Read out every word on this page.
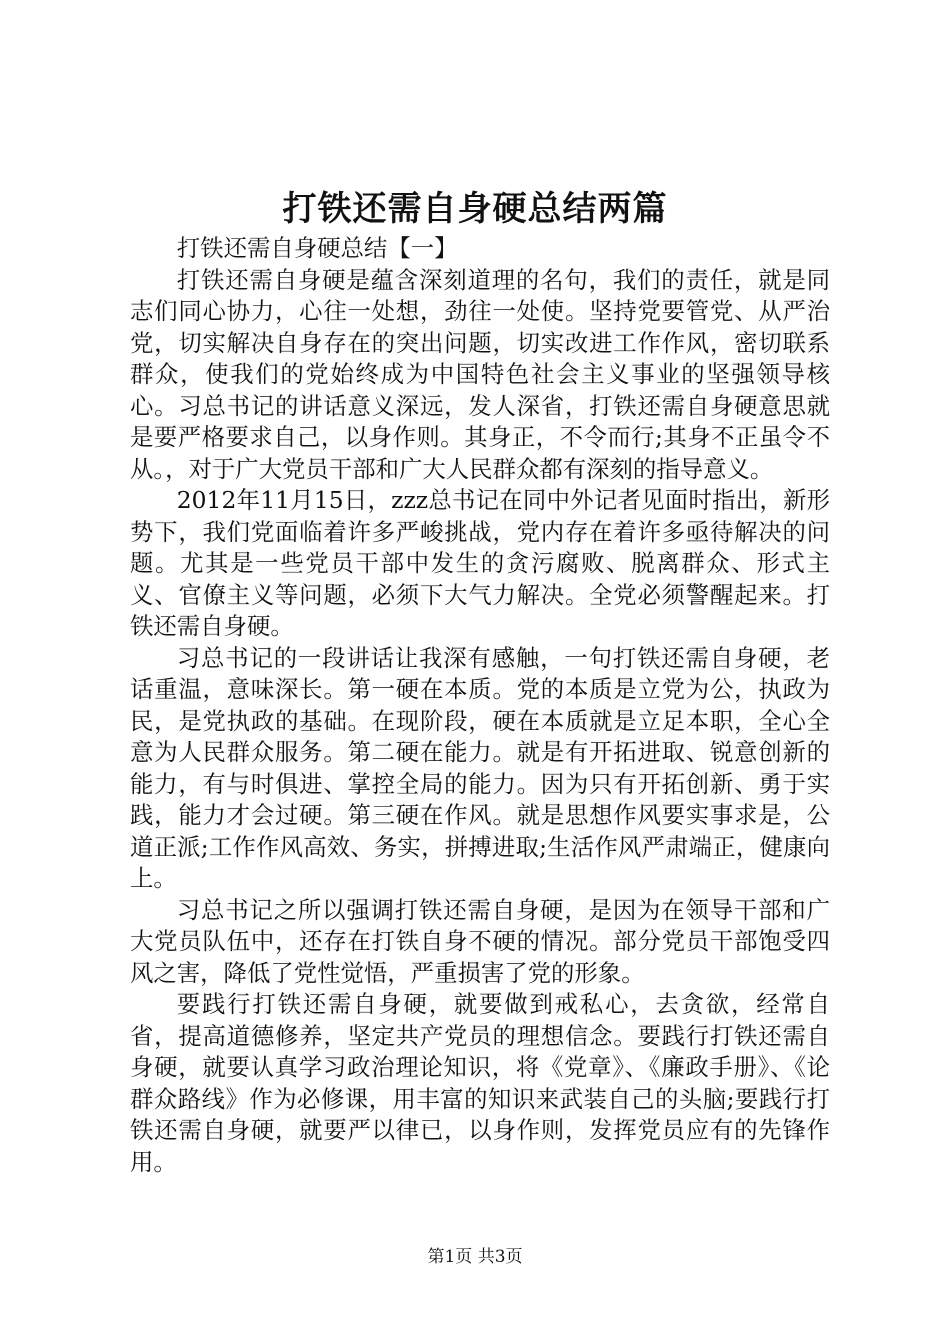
打铁还需自身硬总结两篇

打铁还需自身硬总结【一】

打铁还需自身硬是蕴含深刻道理的名句，我们的责任，就是同志们同心协力，心往一处想，劲往一处使。坚持党要管党、从严治党，切实解决自身存在的突出问题，切实改进工作作风，密切联系群众，使我们的党始终成为中国特色社会主义事业的坚强领导核心。习总书记的讲话意义深远，发人深省，打铁还需自身硬意思就是要严格要求自己，以身作则。其身正，不令而行;其身不正虽令不从。，对于广大党员干部和广大人民群众都有深刻的指导意义。

2012年11月15日，zzz总书记在同中外记者见面时指出，新形势下，我们党面临着许多严峻挑战，党内存在着许多亟待解决的问题。尤其是一些党员干部中发生的贪污腐败、脱离群众、形式主义、官僚主义等问题，必须下大气力解决。全党必须警醒起来。打铁还需自身硬。

习总书记的一段讲话让我深有感触，一句打铁还需自身硬，老话重温，意味深长。第一硬在本质。党的本质是立党为公，执政为民，是党执政的基础。在现阶段，硬在本质就是立足本职，全心全意为人民群众服务。第二硬在能力。就是有开拓进取、锐意创新的能力，有与时俱进、掌控全局的能力。因为只有开拓创新、勇于实践，能力才会过硬。第三硬在作风。就是思想作风要实事求是，公道正派;工作作风高效、务实，拼搏进取;生活作风严肃端正，健康向上。

习总书记之所以强调打铁还需自身硬，是因为在领导干部和广大党员队伍中，还存在打铁自身不硬的情况。部分党员干部饱受四风之害，降低了党性觉悟，严重损害了党的形象。

要践行打铁还需自身硬，就要做到戒私心，去贪欲，经常自省，提高道德修养，坚定共产党员的理想信念。要践行打铁还需自身硬，就要认真学习政治理论知识，将《党章》、《廉政手册》、《论群众路线》作为必修课，用丰富的知识来武装自己的头脑;要践行打铁还需自身硬，就要严以律已，以身作则，发挥党员应有的先锋作用。

第1页 共3页
